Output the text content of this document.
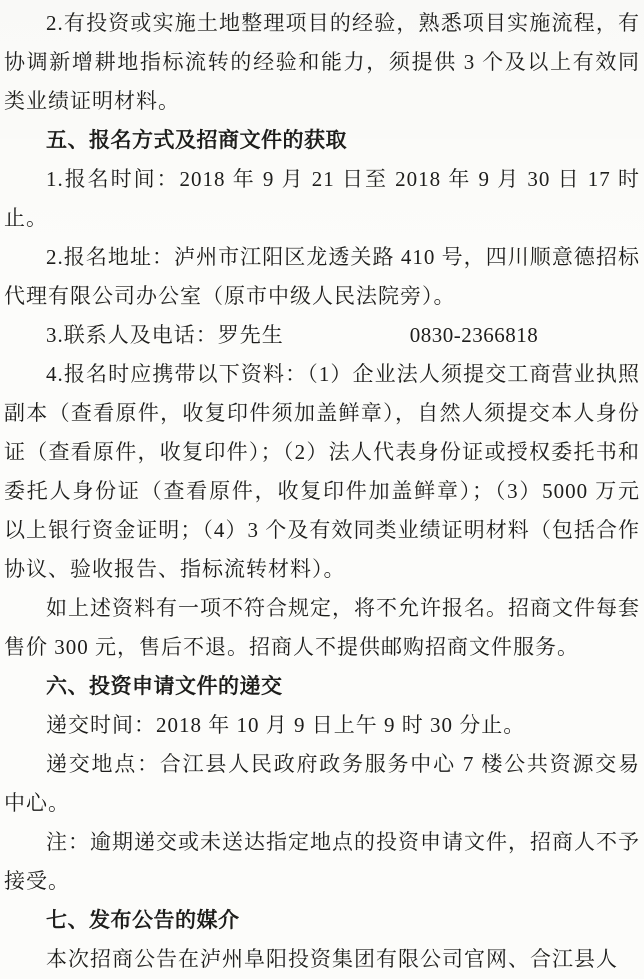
2.有投资或实施土地整理项目的经验，熟悉项目实施流程，有协调新增耕地指标流转的经验和能力，须提供 3 个及以上有效同类业绩证明材料。

五、报名方式及招商文件的获取

1.报名时间：2018 年 9 月 21 日至 2018 年 9 月 30 日 17 时止。

2.报名地址：泸州市江阳区龙透关路 410 号，四川顺意德招标代理有限公司办公室（原市中级人民法院旁）。

3.联系人及电话：罗先生	0830-2366818

4.报名时应携带以下资料：（1）企业法人须提交工商营业执照副本（查看原件，收复印件须加盖鲜章），自然人须提交本人身份证（查看原件，收复印件）；（2）法人代表身份证或授权委托书和委托人身份证（查看原件，收复印件加盖鲜章）；（3）5000 万元以上银行资金证明；（4）3 个及有效同类业绩证明材料（包括合作协议、验收报告、指标流转材料）。

如上述资料有一项不符合规定，将不允许报名。招商文件每套售价 300 元，售后不退。招商人不提供邮购招商文件服务。

六、投资申请文件的递交

递交时间：2018 年 10 月 9 日上午 9 时 30 分止。

递交地点：合江县人民政府政务服务中心 7 楼公共资源交易中心。

注：逾期递交或未送达指定地点的投资申请文件，招商人不予接受。

七、发布公告的媒介

本次招商公告在泸州阜阳投资集团有限公司官网、合江县人
